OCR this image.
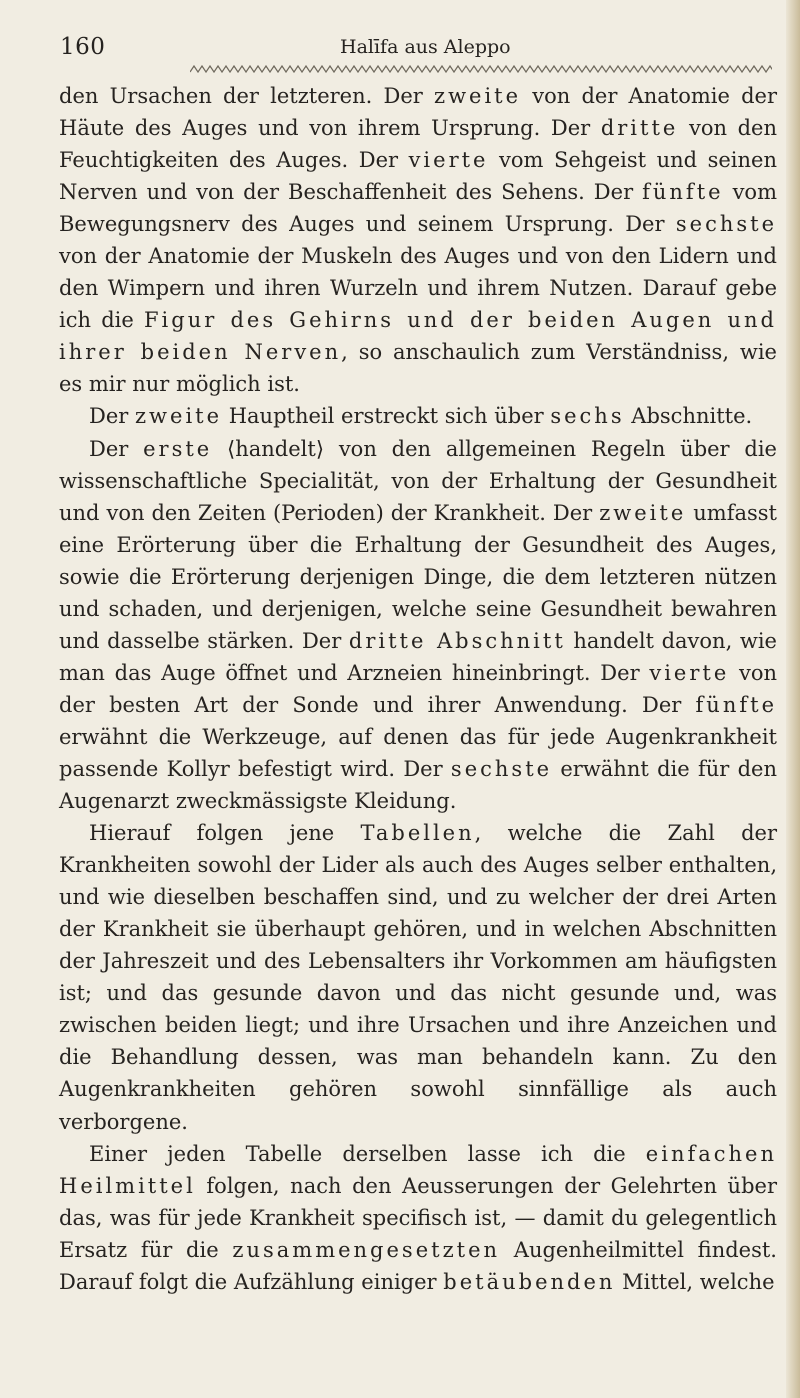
160	Halīfa aus Aleppo

den Ursachen der letzteren. Der zweite von der Anatomie der Häute des Auges und von ihrem Ursprung. Der dritte von den Feuchtigkeiten des Auges. Der vierte vom Sehgeist und seinen Nerven und von der Beschaffenheit des Sehens. Der fünfte vom Bewegungsnerv des Auges und seinem Ursprung. Der sechste von der Anatomie der Muskeln des Auges und von den Lidern und den Wimpern und ihren Wurzeln und ihrem Nutzen. Darauf gebe ich die Figur des Gehirns und der beiden Augen und ihrer beiden Nerven, so anschaulich zum Verständniss, wie es mir nur möglich ist.

Der zweite Hauptheil erstreckt sich über sechs Abschnitte.

Der erste ⟨handelt⟩ von den allgemeinen Regeln über die wissenschaftliche Specialität, von der Erhaltung der Gesundheit und von den Zeiten (Perioden) der Krankheit. Der zweite umfasst eine Erörterung über die Erhaltung der Gesundheit des Auges, sowie die Erörterung derjenigen Dinge, die dem letzteren nützen und schaden, und derjenigen, welche seine Gesundheit bewahren und dasselbe stärken. Der dritte Abschnitt handelt davon, wie man das Auge öffnet und Arzneien hineinbringt. Der vierte von der besten Art der Sonde und ihrer Anwendung. Der fünfte erwähnt die Werkzeuge, auf denen das für jede Augenkrankheit passende Kollyr befestigt wird. Der sechste erwähnt die für den Augenarzt zweckmässigste Kleidung.

Hierauf folgen jene Tabellen, welche die Zahl der Krankheiten sowohl der Lider als auch des Auges selber enthalten, und wie dieselben beschaffen sind, und zu welcher der drei Arten der Krankheit sie überhaupt gehören, und in welchen Abschnitten der Jahreszeit und des Lebensalters ihr Vorkommen am häufigsten ist; und das gesunde davon und das nicht gesunde und, was zwischen beiden liegt; und ihre Ursachen und ihre Anzeichen und die Behandlung dessen, was man behandeln kann. Zu den Augenkrankheiten gehören sowohl sinnfällige als auch verborgene.

Einer jeden Tabelle derselben lasse ich die einfachen Heilmittel folgen, nach den Aeusserungen der Gelehrten über das, was für jede Krankheit specifisch ist, — damit du gelegentlich Ersatz für die zusammengesetzten Augenheilmittel findest. Darauf folgt die Aufzählung einiger betäubenden Mittel, welche
